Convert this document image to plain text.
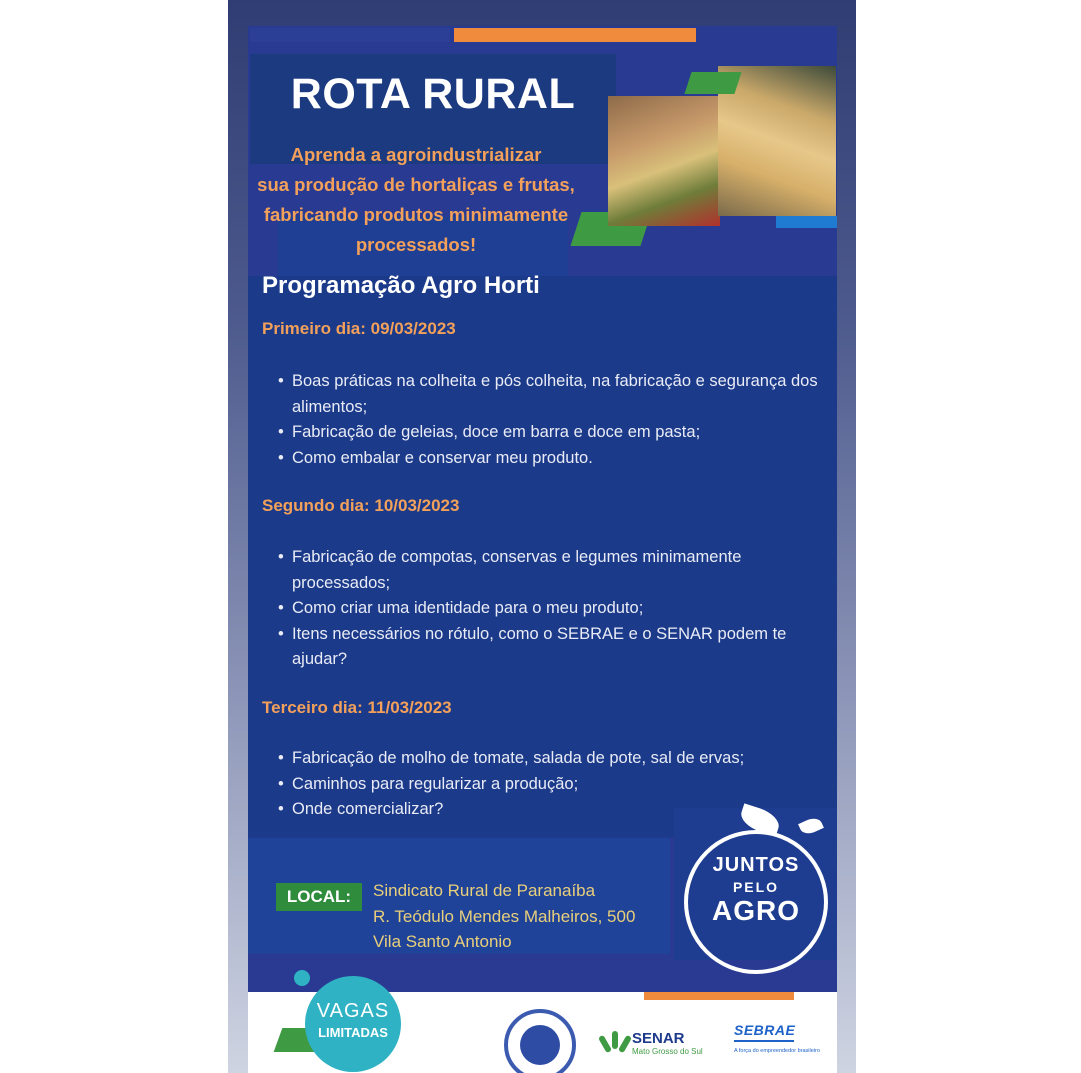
ROTA RURAL
Aprenda a agroindustrializar
sua produção de hortaliças e frutas,
fabricando produtos minimamente
processados!
Programação Agro Horti
Primeiro dia: 09/03/2023
• Boas práticas na colheita e pós colheita, na fabricação e segurança dos alimentos;
• Fabricação de geleias, doce em barra e doce em pasta;
• Como embalar e conservar meu produto.
Segundo dia: 10/03/2023
• Fabricação de compotas, conservas e legumes minimamente processados;
• Como criar uma identidade para o meu produto;
• Itens necessários no rótulo, como o SEBRAE e o SENAR podem te ajudar?
Terceiro dia: 11/03/2023
• Fabricação de molho de tomate, salada de pote, sal de ervas;
• Caminhos para regularizar a produção;
• Onde comercializar?
LOCAL:	Sindicato Rural de Paranaíba
R. Teódulo Mendes Malheiros, 500
Vila Santo Antonio
JUNTOS
PELO
AGRO
VAGAS
LIMITADAS	SENAR
Mato Grosso do Sul
SEBRAE
A força do empreendedor brasileiro
